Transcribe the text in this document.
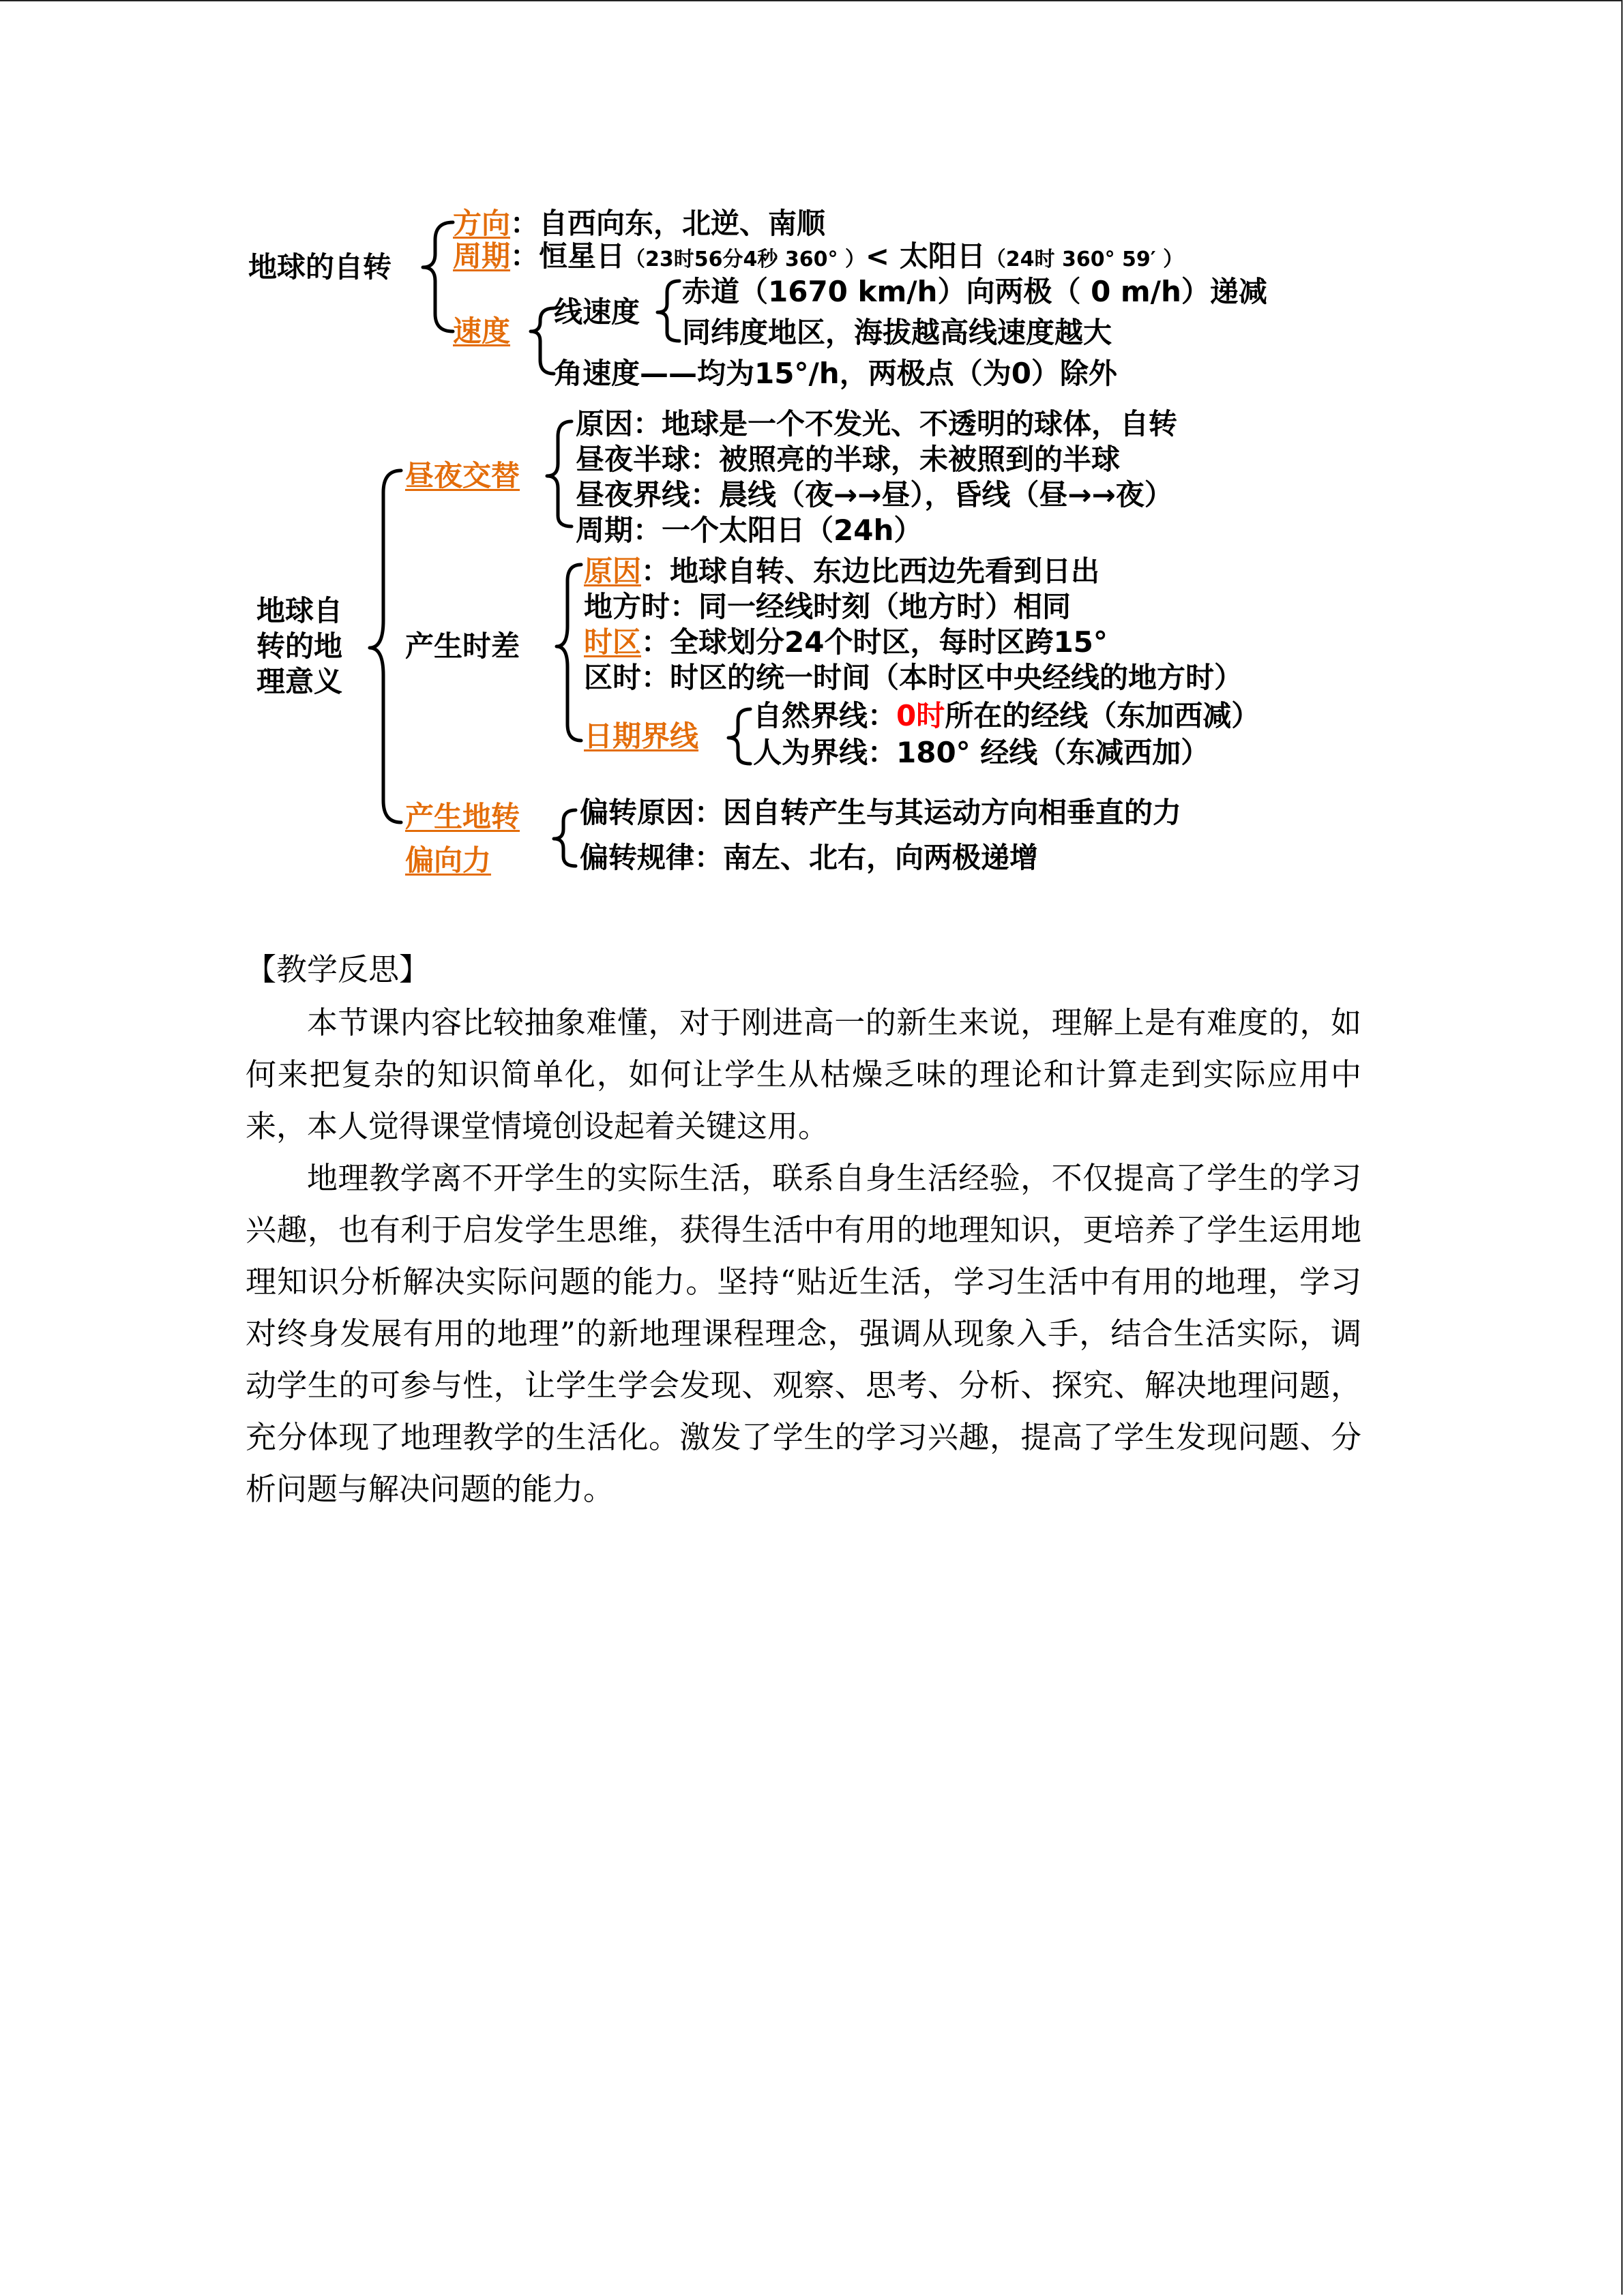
地球的自转
方向：自西向东，北逆、南顺
周期：恒星日（23时56分4秒 360° ）< 太阳日（24时 360° 59′ ）
速度
线速度
赤道（1670 km/h）向两极（ 0 m/h）递减
同纬度地区，海拔越高线速度越大
角速度——均为15°/h，两极点（为0）除外
地球自
转的地
理意义
昼夜交替
原因：地球是一个不发光、不透明的球体，自转
昼夜半球：被照亮的半球，未被照到的半球
昼夜界线：晨线（夜→→昼），昏线（昼→→夜）
周期：一个太阳日（24h）
产生时差
原因：地球自转、东边比西边先看到日出
地方时：同一经线时刻（地方时）相同
时区：全球划分24个时区，每时区跨15°
区时：时区的统一时间（本时区中央经线的地方时）
日期界线
自然界线：0时所在的经线（东加西减）
人为界线：180° 经线（东减西加）
产生地转
偏向力
偏转原因：因自转产生与其运动方向相垂直的力
偏转规律：南左、北右，向两极递增
【教学反思】

本节课内容比较抽象难懂，对于刚进高一的新生来说，理解上是有难度的，如何来把复杂的知识简单化，如何让学生从枯燥乏味的理论和计算走到实际应用中来，本人觉得课堂情境创设起着关键这用。

地理教学离不开学生的实际生活，联系自身生活经验，不仅提高了学生的学习兴趣，也有利于启发学生思维，获得生活中有用的地理知识，更培养了学生运用地理知识分析解决实际问题的能力。坚持“贴近生活，学习生活中有用的地理，学习对终身发展有用的地理”的新地理课程理念，强调从现象入手，结合生活实际，调动学生的可参与性，让学生学会发现、观察、思考、分析、探究、解决地理问题，充分体现了地理教学的生活化。激发了学生的学习兴趣，提高了学生发现问题、分析问题与解决问题的能力。
